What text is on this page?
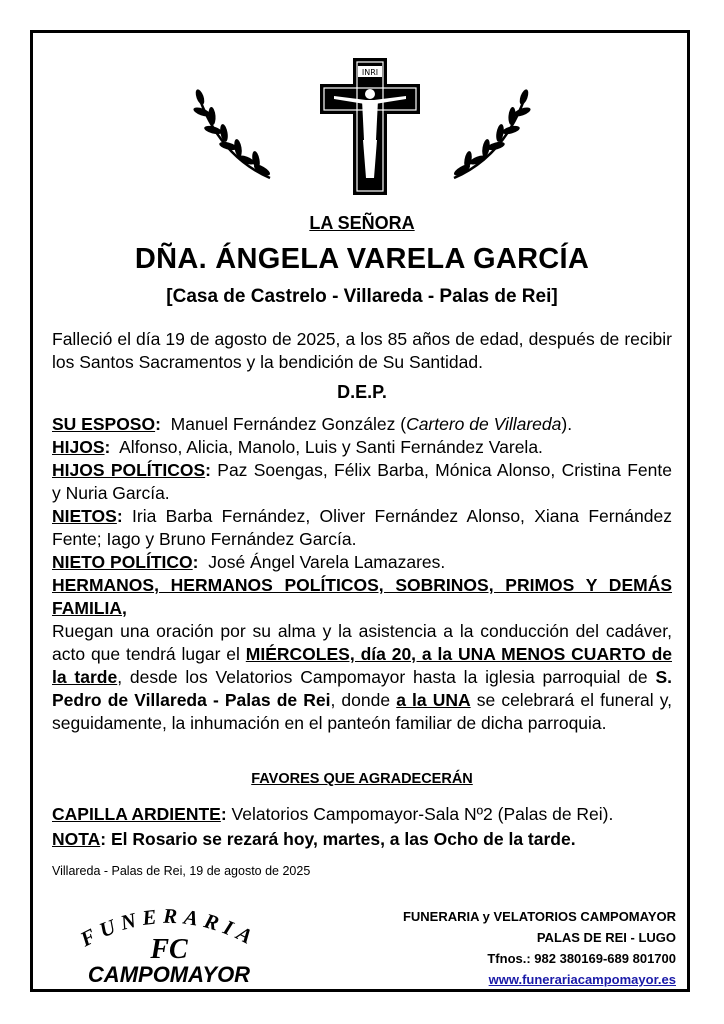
INRI
LA SEÑORA
DÑA. ÁNGELA VARELA GARCÍA
[Casa de Castrelo - Villareda - Palas de Rei]
Falleció el día 19 de agosto de 2025, a los 85 años de edad, después de recibir los Santos Sacramentos y la bendición de Su Santidad.
D.E.P.

SU ESPOSO: Manuel Fernández González (Cartero de Villareda).

HIJOS: Alfonso, Alicia, Manolo, Luis y Santi Fernández Varela.

HIJOS POLÍTICOS: Paz Soengas, Félix Barba, Mónica Alonso, Cristina Fente y Nuria García.

NIETOS: Iria Barba Fernández, Oliver Fernández Alonso, Xiana Fernández Fente; Iago y Bruno Fernández García.

NIETO POLÍTICO: José Ángel Varela Lamazares.

HERMANOS, HERMANOS POLÍTICOS, SOBRINOS, PRIMOS Y DEMÁS FAMILIA,

Ruegan una oración por su alma y la asistencia a la conducción del cadáver, acto que tendrá lugar el MIÉRCOLES, día 20, a la UNA MENOS CUARTO de la tarde, desde los Velatorios Campomayor hasta la iglesia parroquial de S. Pedro de Villareda - Palas de Rei, donde a la UNA se celebrará el funeral y, seguidamente, la inhumación en el panteón familiar de dicha parroquia.

FAVORES QUE AGRADECERÁN

CAPILLA ARDIENTE: Velatorios Campomayor-Sala Nº2 (Palas de Rei).

NOTA: El Rosario se rezará hoy, martes, a las Ocho de la tarde.

Villareda - Palas de Rei, 19 de agosto de 2025
FUNERARIA
FC
CAMPOMAYOR
FUNERARIA y VELATORIOS CAMPOMAYOR
PALAS DE REI - LUGO
Tfnos.: 982 380169-689 801700
www.funerariacampomayor.es
